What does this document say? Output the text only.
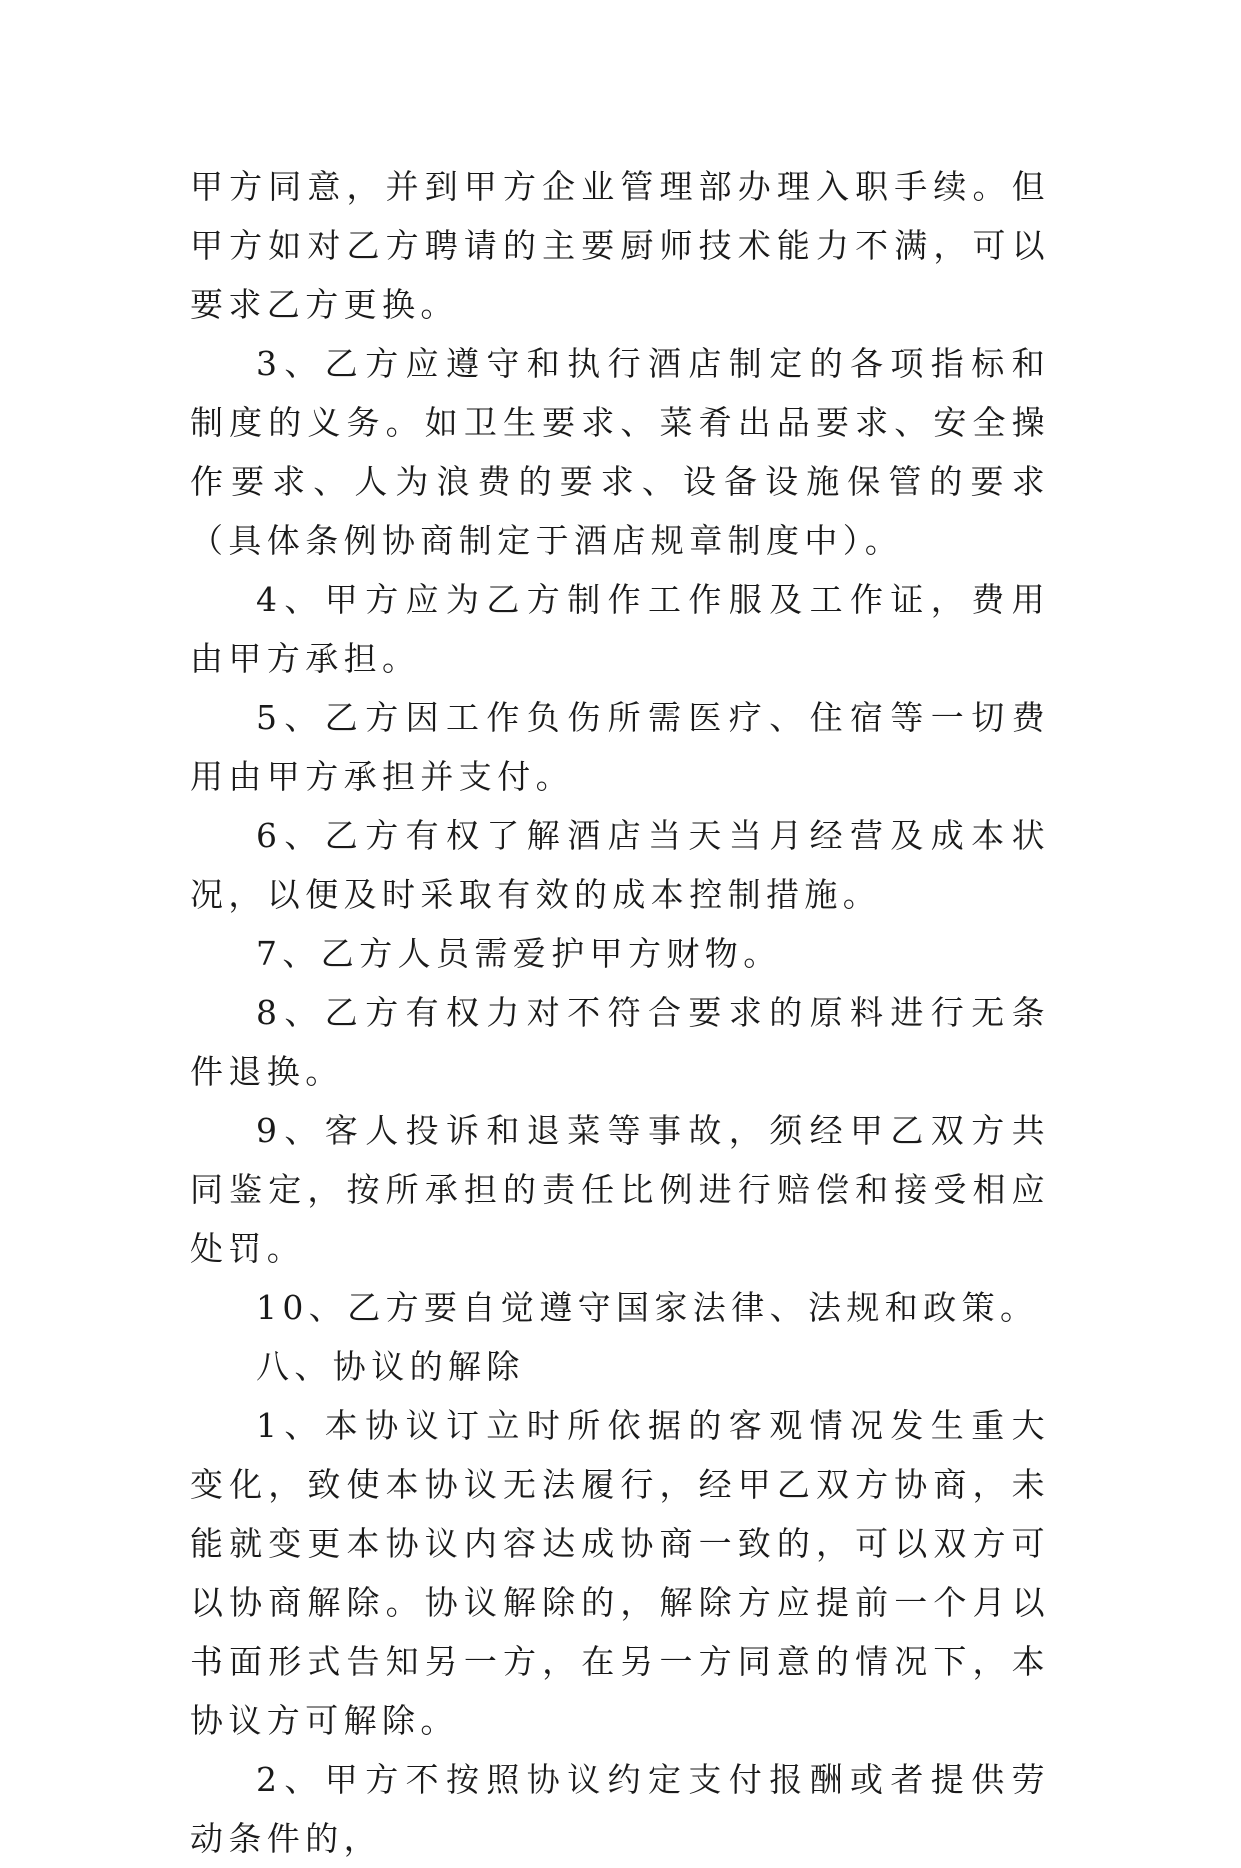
甲方同意，并到甲方企业管理部办理入职手续。但甲方如对乙方聘请的主要厨师技术能力不满，可以要求乙方更换。

3、乙方应遵守和执行酒店制定的各项指标和制度的义务。如卫生要求、菜肴出品要求、安全操作要求、人为浪费的要求、设备设施保管的要求（具体条例协商制定于酒店规章制度中）。

4、甲方应为乙方制作工作服及工作证，费用由甲方承担。

5、乙方因工作负伤所需医疗、住宿等一切费用由甲方承担并支付。

6、乙方有权了解酒店当天当月经营及成本状况，以便及时采取有效的成本控制措施。

7、乙方人员需爱护甲方财物。

8、乙方有权力对不符合要求的原料进行无条件退换。

9、客人投诉和退菜等事故，须经甲乙双方共同鉴定，按所承担的责任比例进行赔偿和接受相应处罚。

10、乙方要自觉遵守国家法律、法规和政策。

八、协议的解除

1、本协议订立时所依据的客观情况发生重大变化，致使本协议无法履行，经甲乙双方协商，未能就变更本协议内容达成协商一致的，可以双方可以协商解除。协议解除的，解除方应提前一个月以书面形式告知另一方，在另一方同意的情况下，本协议方可解除。

2、甲方不按照协议约定支付报酬或者提供劳动条件的，
